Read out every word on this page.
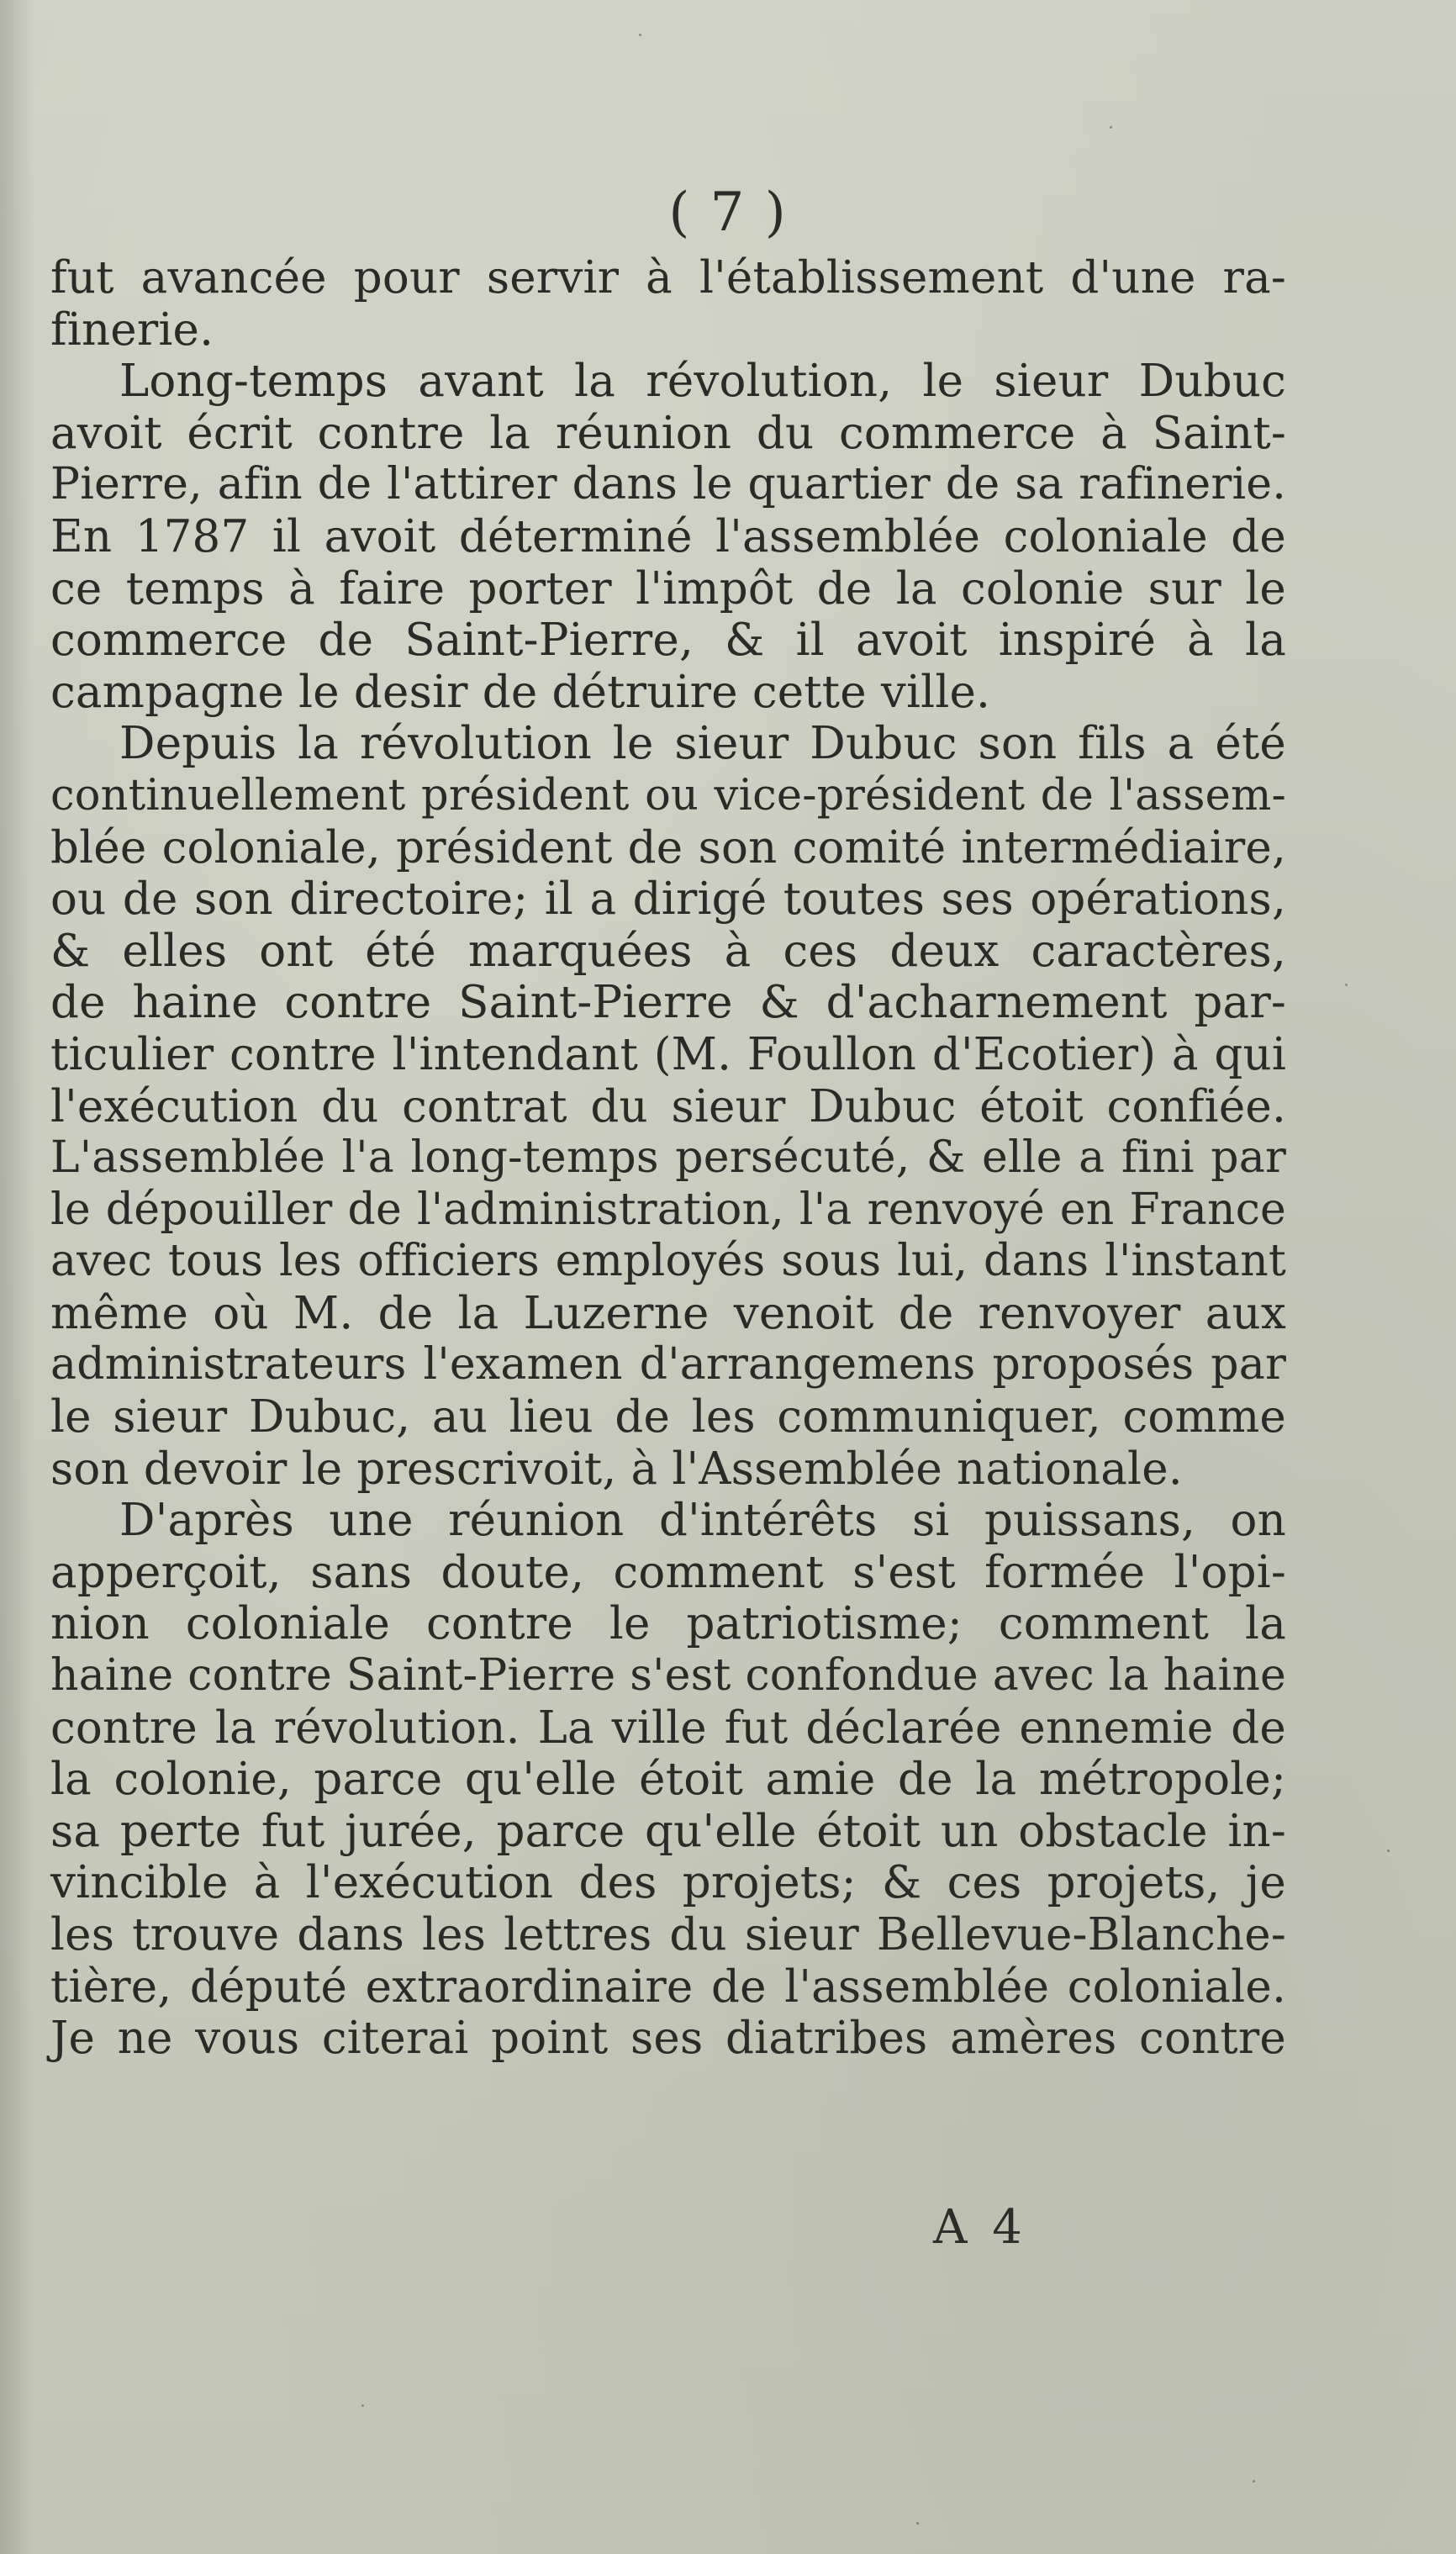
( 7 )
fut avancée pour servir à l'établissement d'une ra-
finerie.
Long-temps avant la révolution, le sieur Dubuc
avoit écrit contre la réunion du commerce à Saint-
Pierre, afin de l'attirer dans le quartier de sa rafinerie.
En 1787 il avoit déterminé l'assemblée coloniale de
ce temps à faire porter l'impôt de la colonie sur le
commerce de Saint-Pierre, & il avoit inspiré à la
campagne le desir de détruire cette ville.
Depuis la révolution le sieur Dubuc son fils a été
continuellement président ou vice-président de l'assem-
blée coloniale, président de son comité intermédiaire,
ou de son directoire; il a dirigé toutes ses opérations,
& elles ont été marquées à ces deux caractères,
de haine contre Saint-Pierre & d'acharnement par-
ticulier contre l'intendant (M. Foullon d'Ecotier) à qui
l'exécution du contrat du sieur Dubuc étoit confiée.
L'assemblée l'a long-temps persécuté, & elle a fini par
le dépouiller de l'administration, l'a renvoyé en France
avec tous les officiers employés sous lui, dans l'instant
même où M. de la Luzerne venoit de renvoyer aux
administrateurs l'examen d'arrangemens proposés par
le sieur Dubuc, au lieu de les communiquer, comme
son devoir le prescrivoit, à l'Assemblée nationale.
D'après une réunion d'intérêts si puissans, on
apperçoit, sans doute, comment s'est formée l'opi-
nion coloniale contre le patriotisme; comment la
haine contre Saint-Pierre s'est confondue avec la haine
contre la révolution. La ville fut déclarée ennemie de
la colonie, parce qu'elle étoit amie de la métropole;
sa perte fut jurée, parce qu'elle étoit un obstacle in-
vincible à l'exécution des projets; & ces projets, je
les trouve dans les lettres du sieur Bellevue-Blanche-
tière, député extraordinaire de l'assemblée coloniale.
Je ne vous citerai point ses diatribes amères contre
A 4
